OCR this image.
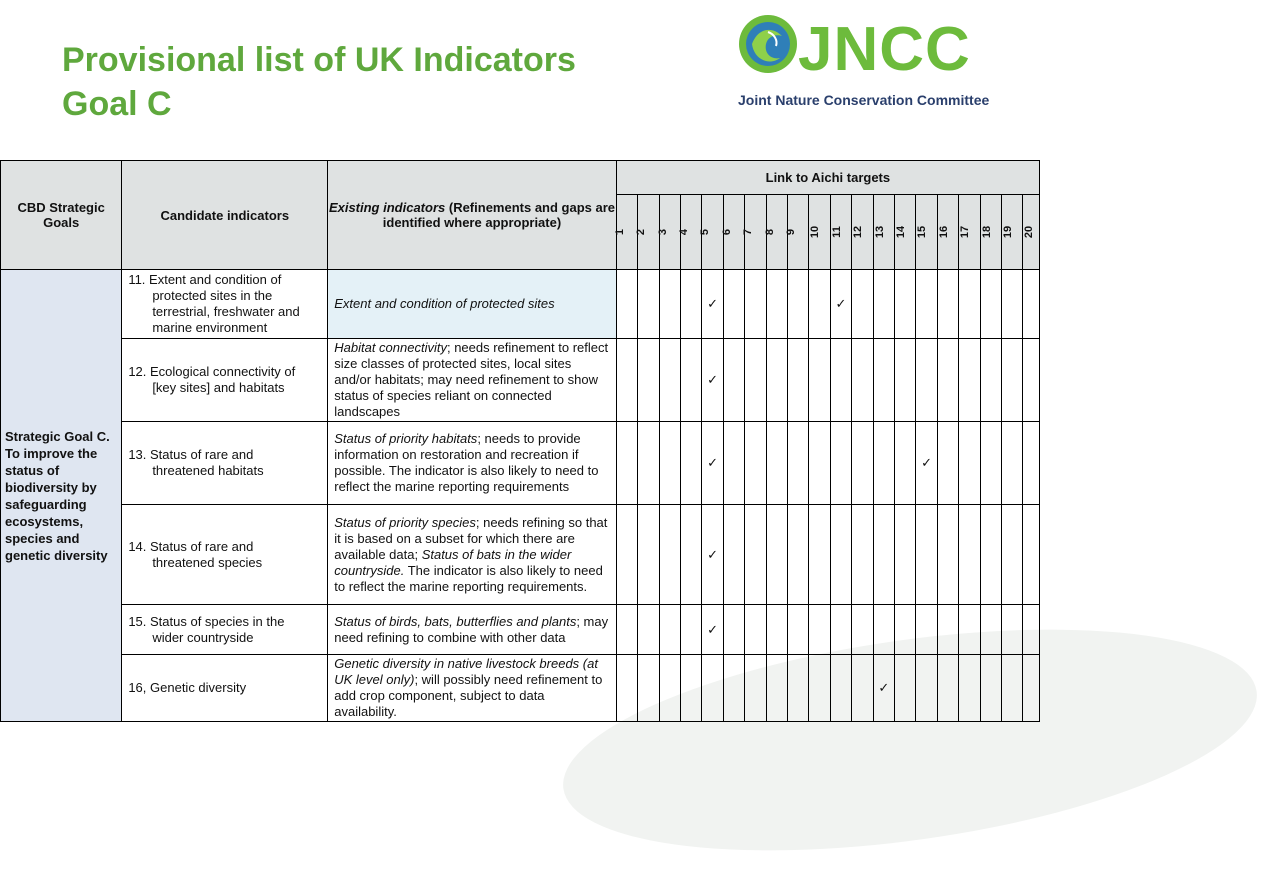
Provisional list of UK Indicators
Goal C
JNCC
Joint Nature Conservation Committee
CBD Strategic Goals	Candidate indicators	Existing indicators (Refinements and gaps are identified where appropriate)	Link to Aichi targets																			
			1	2	3	4	5	6	7	8	9	10	11	12	13	14	15	16	17	18	19	20
Strategic Goal C. To improve the status of biodiversity by safeguarding ecosystems, species and genetic diversity	11. Extent and condition of
protected sites in the terrestrial, freshwater and marine environment	Extent and condition of protected sites					✓						✓									

	12. Ecological connectivity of
[key sites] and habitats	Habitat connectivity; needs refinement to reflect size classes of protected sites, local sites and/or habitats; may need refinement to show status of species reliant on connected landscapes					✓															

	13. Status of rare and
threatened habitats	Status of priority habitats; needs to provide information on restoration and recreation if possible. The indicator is also likely to need to reflect the marine reporting requirements					✓										✓					

	14. Status of rare and
threatened species	Status of priority species; needs refining so that it is based on a subset for which there are available data; Status of bats in the wider countryside. The indicator is also likely to need to reflect the marine reporting requirements.					✓															

	15. Status of species in the
wider countryside	Status of birds, bats, butterflies and plants; may need refining to combine with other data					✓															

	16, Genetic diversity	Genetic diversity in native livestock breeds (at UK level only); will possibly need refinement to add crop component, subject to data availability.													✓							
